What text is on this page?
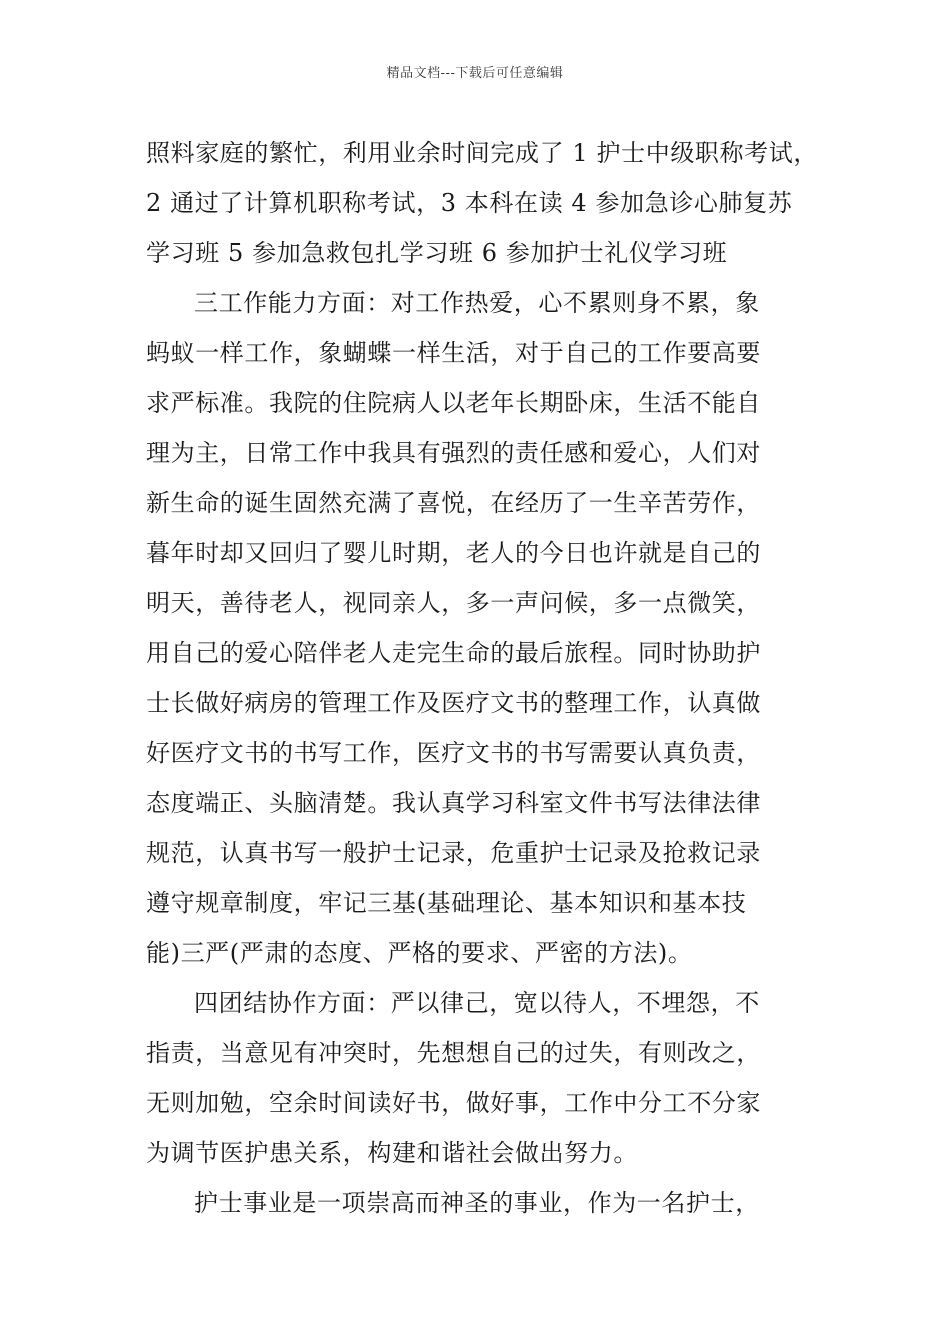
精品文档---下载后可任意编辑
照料家庭的繁忙，利用业余时间完成了 1 护士中级职称考试，
2 通过了计算机职称考试，3 本科在读 4 参加急诊心肺复苏
学习班 5 参加急救包扎学习班 6 参加护士礼仪学习班
三工作能力方面：对工作热爱，心不累则身不累，象
蚂蚁一样工作，象蝴蝶一样生活，对于自己的工作要高要
求严标准。我院的住院病人以老年长期卧床，生活不能自
理为主，日常工作中我具有强烈的责任感和爱心，人们对
新生命的诞生固然充满了喜悦，在经历了一生辛苦劳作，
暮年时却又回归了婴儿时期，老人的今日也许就是自己的
明天，善待老人，视同亲人，多一声问候，多一点微笑，
用自己的爱心陪伴老人走完生命的最后旅程。同时协助护
士长做好病房的管理工作及医疗文书的整理工作，认真做
好医疗文书的书写工作，医疗文书的书写需要认真负责，
态度端正、头脑清楚。我认真学习科室文件书写法律法律
规范，认真书写一般护士记录，危重护士记录及抢救记录
遵守规章制度，牢记三基(基础理论、基本知识和基本技
能)三严(严肃的态度、严格的要求、严密的方法)。
四团结协作方面：严以律己，宽以待人，不埋怨，不
指责，当意见有冲突时，先想想自己的过失，有则改之，
无则加勉，空余时间读好书，做好事，工作中分工不分家
为调节医护患关系，构建和谐社会做出努力。
护士事业是一项崇高而神圣的事业，作为一名护士，
